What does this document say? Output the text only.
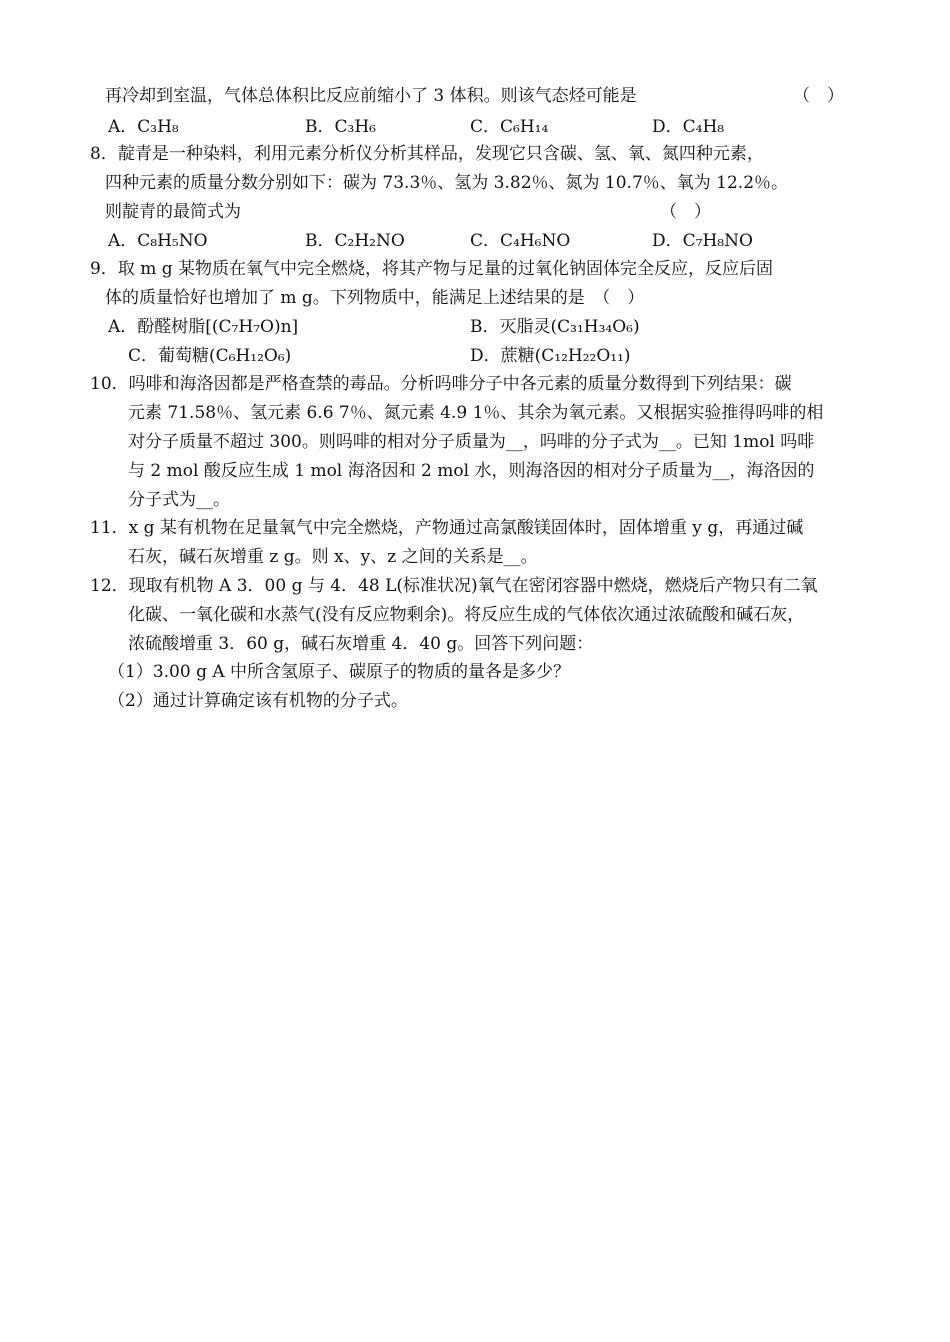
再冷却到室温，气体总体积比反应前缩小了 3 体积。则该气态烃可能是	（　）
A．C₃H₈	B．C₃H₆	C．C₆H₁₄	D．C₄H₈
8．靛青是一种染料，利用元素分析仪分析其样品，发现它只含碳、氢、氧、氮四种元素，
四种元素的质量分数分别如下：碳为 73.3％、氢为 3.82％、氮为 10.7％、氧为 12.2％。
则靛青的最简式为	（　）
A．C₈H₅NO	B．C₂H₂NO	C．C₄H₆NO	D．C₇H₈NO
9．取 m g 某物质在氧气中完全燃烧，将其产物与足量的过氧化钠固体完全反应，反应后固
体的质量恰好也增加了 m g。下列物质中，能满足上述结果的是　（　）
A．酚醛树脂[(C₇H₇O)n]	B．灭脂灵(C₃₁H₃₄O₆)
C．葡萄糖(C₆H₁₂O₆)	D．蔗糖(C₁₂H₂₂O₁₁)
10．吗啡和海洛因都是严格查禁的毒品。分析吗啡分子中各元素的质量分数得到下列结果：碳
元素 71.58％、氢元素 6.6 7％、氮元素 4.9 1％、其余为氧元素。又根据实验推得吗啡的相
对分子质量不超过 300。则吗啡的相对分子质量为__，吗啡的分子式为__。已知 1mol 吗啡
与 2 mol 酸反应生成 1 mol 海洛因和 2 mol 水，则海洛因的相对分子质量为__，海洛因的
分子式为__。
11．x g 某有机物在足量氧气中完全燃烧，产物通过高氯酸镁固体时，固体增重 y g，再通过碱
石灰，碱石灰增重 z g。则 x、y、z 之间的关系是__。
12．现取有机物 A 3．00 g 与 4．48 L(标准状况)氧气在密闭容器中燃烧，燃烧后产物只有二氧
化碳、一氧化碳和水蒸气(没有反应物剩余)。将反应生成的气体依次通过浓硫酸和碱石灰，
浓硫酸增重 3．60 g，碱石灰增重 4．40 g。回答下列问题：
（1）3.00 g A 中所含氢原子、碳原子的物质的量各是多少？
（2）通过计算确定该有机物的分子式。
